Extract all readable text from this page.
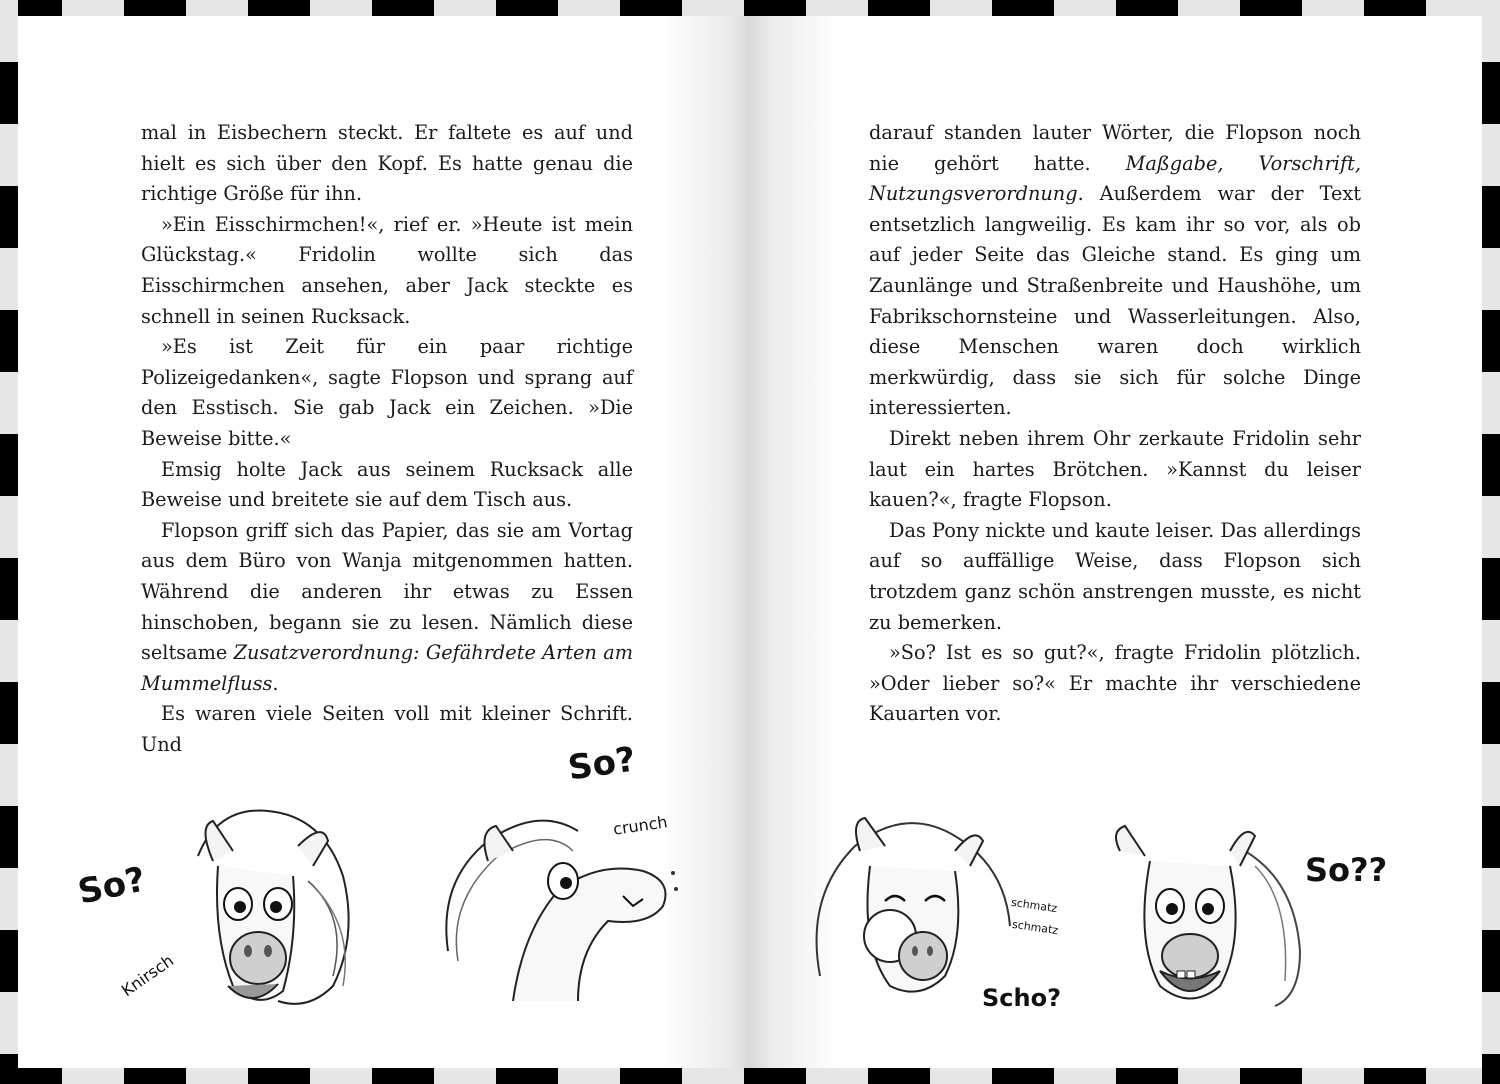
mal in Eisbechern steckt. Er faltete es auf und hielt es sich über den Kopf. Es hatte genau die richtige Größe für ihn.

»Ein Eisschirmchen!«, rief er. »Heute ist mein Glückstag.« Fridolin wollte sich das Eisschirmchen ansehen, aber Jack steckte es schnell in seinen Rucksack.

»Es ist Zeit für ein paar richtige Polizeigedanken«, sagte Flopson und sprang auf den Esstisch. Sie gab Jack ein Zeichen. »Die Beweise bitte.«

Emsig holte Jack aus seinem Rucksack alle Beweise und breitete sie auf dem Tisch aus.

Flopson griff sich das Papier, das sie am Vortag aus dem Büro von Wanja mitgenommen hatten. Während die anderen ihr etwas zu Essen hinschoben, begann sie zu lesen. Nämlich diese seltsame Zusatzverordnung: Gefährdete Arten am Mummelfluss.

Es waren viele Seiten voll mit kleiner Schrift. Und

So?
Knirsch
So?
crunch

darauf standen lauter Wörter, die Flopson noch nie gehört hatte. Maßgabe, Vorschrift, Nutzungsverordnung. Außerdem war der Text entsetzlich langweilig. Es kam ihr so vor, als ob auf jeder Seite das Gleiche stand. Es ging um Zaunlänge und Straßenbreite und Haushöhe, um Fabrikschornsteine und Wasserleitungen. Also, diese Menschen waren doch wirklich merkwürdig, dass sie sich für solche Dinge interessierten.

Direkt neben ihrem Ohr zerkaute Fridolin sehr laut ein hartes Brötchen. »Kannst du leiser kauen?«, fragte Flopson.

Das Pony nickte und kaute leiser. Das allerdings auf so auffällige Weise, dass Flopson sich trotzdem ganz schön anstrengen musste, es nicht zu bemerken.

»So? Ist es so gut?«, fragte Fridolin plötzlich. »Oder lieber so?« Er machte ihr verschiedene Kauarten vor.

schmatz
schmatz
Scho?
So??
